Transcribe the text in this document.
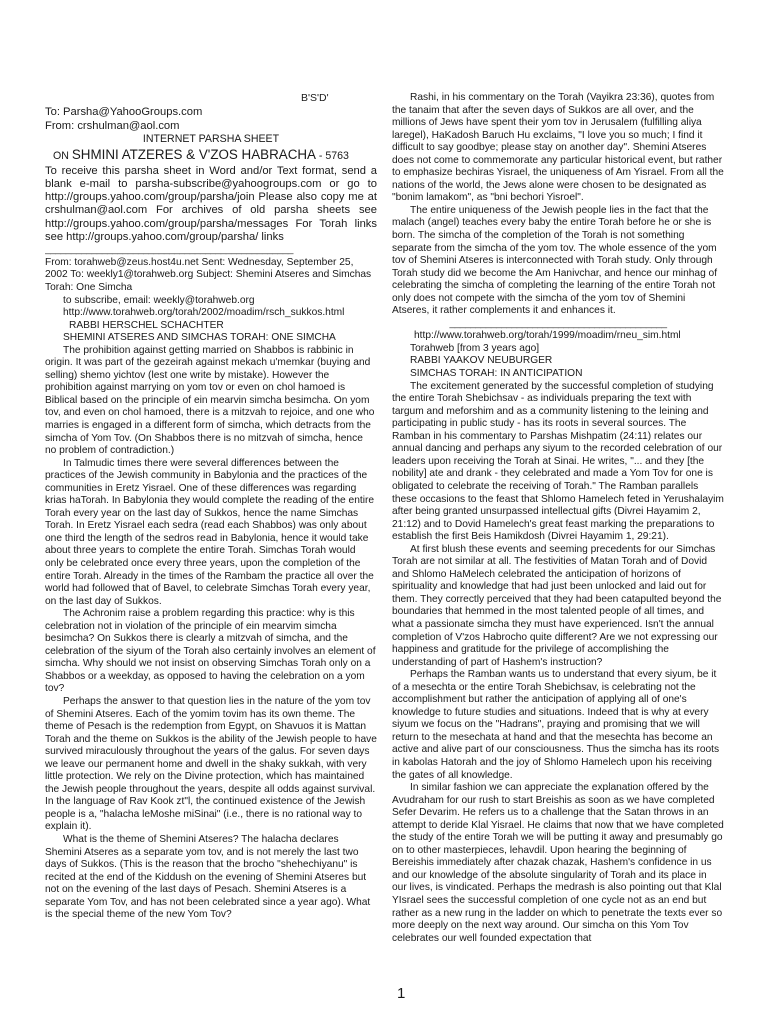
B'S'D'

To: Parsha@YahooGroups.com

From: crshulman@aol.com

INTERNET PARSHA SHEET

ON SHMINI ATZERES & V'ZOS HABRACHA - 5763

To receive this parsha sheet in Word and/or Text format, send a blank e-mail to parsha-subscribe@yahoogroups.com or go to http://groups.yahoo.com/group/parsha/join Please also copy me at crshulman@aol.com For archives of old parsha sheets see http://groups.yahoo.com/group/parsha/messages For Torah links see http://groups.yahoo.com/group/parsha/ links

________________________________________________

From: torahweb@zeus.host4u.net Sent: Wednesday, September 25, 2002 To: weekly1@torahweb.org Subject: Shemini Atseres and Simchas Torah: One Simcha

to subscribe, email: weekly@torahweb.org

http://www.torahweb.org/torah/2002/moadim/rsch_sukkos.html

RABBI HERSCHEL SCHACHTER

SHEMINI ATSERES AND SIMCHAS TORAH: ONE SIMCHA

The prohibition against getting married on Shabbos is rabbinic in origin. It was part of the gezeirah against mekach u'memkar (buying and selling) shemo yichtov (lest one write by mistake). However the prohibition against marrying on yom tov or even on chol hamoed is Biblical based on the principle of ein mearvin simcha besimcha. On yom tov, and even on chol hamoed, there is a mitzvah to rejoice, and one who marries is engaged in a different form of simcha, which detracts from the simcha of Yom Tov. (On Shabbos there is no mitzvah of simcha, hence no problem of contradiction.)

In Talmudic times there were several differences between the practices of the Jewish community in Babylonia and the practices of the communities in Eretz Yisrael. One of these differences was regarding krias haTorah. In Babylonia they would complete the reading of the entire Torah every year on the last day of Sukkos, hence the name Simchas Torah. In Eretz Yisrael each sedra (read each Shabbos) was only about one third the length of the sedros read in Babylonia, hence it would take about three years to complete the entire Torah. Simchas Torah would only be celebrated once every three years, upon the completion of the entire Torah. Already in the times of the Rambam the practice all over the world had followed that of Bavel, to celebrate Simchas Torah every year, on the last day of Sukkos.

The Achronim raise a problem regarding this practice: why is this celebration not in violation of the principle of ein mearvim simcha besimcha? On Sukkos there is clearly a mitzvah of simcha, and the celebration of the siyum of the Torah also certainly involves an element of simcha. Why should we not insist on observing Simchas Torah only on a Shabbos or a weekday, as opposed to having the celebration on a yom tov?

Perhaps the answer to that question lies in the nature of the yom tov of Shemini Atseres. Each of the yomim tovim has its own theme. The theme of Pesach is the redemption from Egypt, on Shavuos it is Mattan Torah and the theme on Sukkos is the ability of the Jewish people to have survived miraculously throughout the years of the galus. For seven days we leave our permanent home and dwell in the shaky sukkah, with very little protection. We rely on the Divine protection, which has maintained the Jewish people throughout the years, despite all odds against survival. In the language of Rav Kook zt"l, the continued existence of the Jewish people is a, "halacha leMoshe miSinai" (i.e., there is no rational way to explain it).

What is the theme of Shemini Atseres? The halacha declares Shemini Atseres as a separate yom tov, and is not merely the last two days of Sukkos. (This is the reason that the brocho "shehechiyanu" is recited at the end of the Kiddush on the evening of Shemini Atseres but not on the evening of the last days of Pesach. Shemini Atseres is a separate Yom Tov, and has not been celebrated since a year ago). What is the special theme of the new Yom Tov?

Rashi, in his commentary on the Torah (Vayikra 23:36), quotes from the tanaim that after the seven days of Sukkos are all over, and the millions of Jews have spent their yom tov in Jerusalem (fulfilling aliya laregel), HaKadosh Baruch Hu exclaims, "I love you so much; I find it difficult to say goodbye; please stay on another day". Shemini Atseres does not come to commemorate any particular historical event, but rather to emphasize bechiras Yisrael, the uniqueness of Am Yisrael. From all the nations of the world, the Jews alone were chosen to be designated as "bonim lamakom", as "bni bechori Yisroel".

The entire uniqueness of the Jewish people lies in the fact that the malach (angel) teaches every baby the entire Torah before he or she is born. The simcha of the completion of the Torah is not something separate from the simcha of the yom tov. The whole essence of the yom tov of Shemini Atseres is interconnected with Torah study. Only through Torah study did we become the Am Hanivchar, and hence our minhag of celebrating the simcha of completing the learning of the entire Torah not only does not compete with the simcha of the yom tov of Shemini Atseres, it rather complements it and enhances it.

__________________________________________

http://www.torahweb.org/torah/1999/moadim/rneu_sim.html

Torahweb [from 3 years ago]

RABBI YAAKOV NEUBURGER

SIMCHAS TORAH: IN ANTICIPATION

The excitement generated by the successful completion of studying the entire Torah Shebichsav - as individuals preparing the text with targum and meforshim and as a community listening to the leining and participating in public study - has its roots in several sources. The Ramban in his commentary to Parshas Mishpatim (24:11) relates our annual dancing and perhaps any siyum to the recorded celebration of our leaders upon receiving the Torah at Sinai. He writes, "... and they [the nobility] ate and drank - they celebrated and made a Yom Tov for one is obligated to celebrate the receiving of Torah." The Ramban parallels these occasions to the feast that Shlomo Hamelech feted in Yerushalayim after being granted unsurpassed intellectual gifts (Divrei Hayamim 2, 21:12) and to Dovid Hamelech's great feast marking the preparations to establish the first Beis Hamikdosh (Divrei Hayamim 1, 29:21).

At first blush these events and seeming precedents for our Simchas Torah are not similar at all. The festivities of Matan Torah and of Dovid and Shlomo HaMelech celebrated the anticipation of horizons of spirituality and knowledge that had just been unlocked and laid out for them. They correctly perceived that they had been catapulted beyond the boundaries that hemmed in the most talented people of all times, and what a passionate simcha they must have experienced. Isn't the annual completion of V'zos Habrocho quite different? Are we not expressing our happiness and gratitude for the privilege of accomplishing the understanding of part of Hashem's instruction?

Perhaps the Ramban wants us to understand that every siyum, be it of a mesechta or the entire Torah Shebichsav, is celebrating not the accomplishment but rather the anticipation of applying all of one's knowledge to future studies and situations. Indeed that is why at every siyum we focus on the "Hadrans", praying and promising that we will return to the mesechata at hand and that the mesechta has become an active and alive part of our consciousness. Thus the simcha has its roots in kabolas Hatorah and the joy of Shlomo Hamelech upon his receiving the gates of all knowledge.

In similar fashion we can appreciate the explanation offered by the Avudraham for our rush to start Breishis as soon as we have completed Sefer Devarim. He refers us to a challenge that the Satan throws in an attempt to deride Klal Yisrael. He claims that now that we have completed the study of the entire Torah we will be putting it away and presumably go on to other masterpieces, lehavdil. Upon hearing the beginning of Bereishis immediately after chazak chazak, Hashem's confidence in us and our knowledge of the absolute singularity of Torah and its place in our lives, is vindicated. Perhaps the medrash is also pointing out that Klal YIsrael sees the successful completion of one cycle not as an end but rather as a new rung in the ladder on which to penetrate the texts ever so more deeply on the next way around. Our simcha on this Yom Tov celebrates our well founded expectation that

1
